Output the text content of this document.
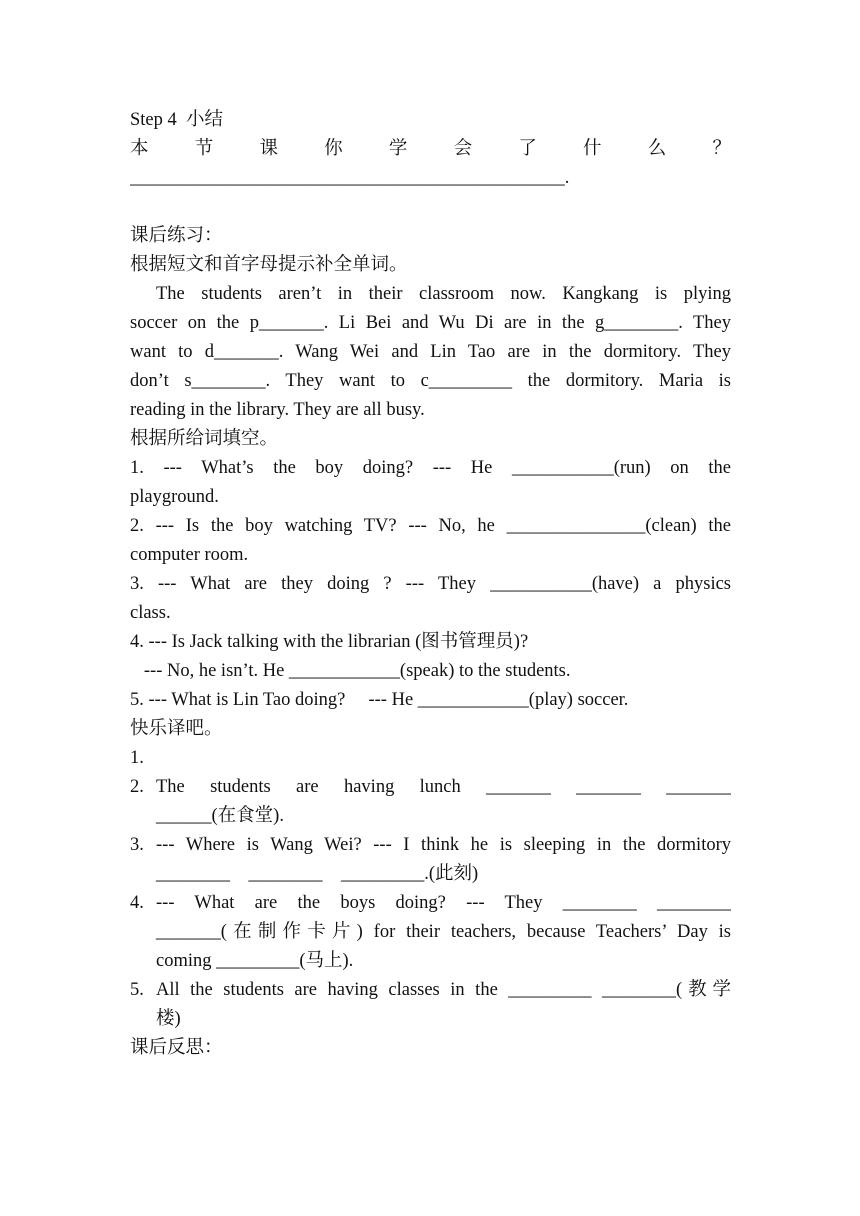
Step 4  小结
本 节 课 你 学 会 了 什 么 ？
_______________________________________________.

课后练习：
根据短文和首字母提示补全单词。
The students aren’t in their classroom now. Kangkang is plying
soccer on the p_______. Li Bei and Wu Di are in the g________. They
want to d_______. Wang Wei and Lin Tao are in the dormitory. They
don’t s________. They want to c_________ the dormitory. Maria is
reading in the library. They are all busy.
根据所给词填空。
1. --- What’s the boy doing? --- He ___________(run) on the
playground.
2. --- Is the boy watching TV? --- No, he _______________(clean) the
computer room.
3. --- What are they doing ? --- They ___________(have) a physics
class.
4. --- Is Jack talking with the librarian (图书管理员)?
--- No, he isn’t. He ____________(speak) to the students.
5. --- What is Lin Tao doing?     --- He ____________(play) soccer.
快乐译吧。

1.

2. The students are having lunch _______ _______ _______
______(在食堂).
3. --- Where is Wang Wei? --- I think he is sleeping in the dormitory
________    ________    _________.(此刻)
4. --- What are the boys doing? --- They ________ ________
_______(在制作卡片) for their teachers, because Teachers’ Day is
coming _________(马上).
5. All the students are having classes in the _________ ________(教学
楼)
课后反思：
